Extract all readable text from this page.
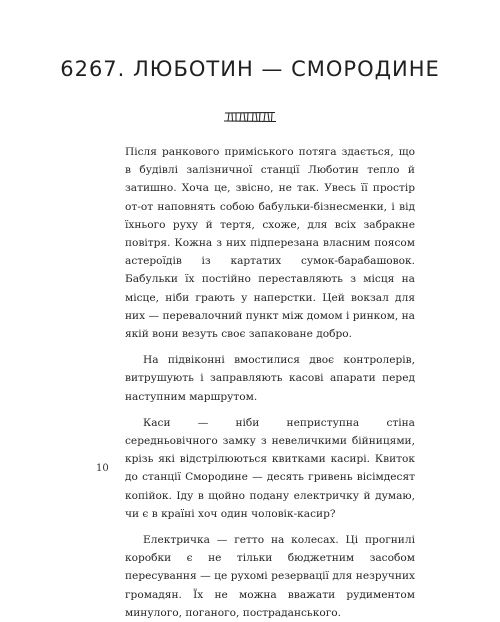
6267. ЛЮБОТИН — СМОРОДИНЕ

Після ранкового приміського потяга здається, що в будівлі залізничної станції Люботин тепло й затишно. Хоча це, звісно, не так. Увесь її простір от-от наповнять собою бабульки-бізнесменки, і від їхнього руху й тертя, схоже, для всіх забракне повітря. Кожна з них підперезана власним поясом астероїдів із картатих сумок-барабашовок. Бабульки їх постійно переставляють з місця на місце, ніби грають у наперстки. Цей вокзал для них — перевалочний пункт між домом і ринком, на якій вони везуть своє запакованe добро.

На підвіконні вмостилися двоє контролерів, витрушують і заправляють касові апарати перед наступним маршрутом.

Каси — ніби неприступна стіна середньовічного замку з невеличкими бійницями, крізь які відстрілюються квитками касирі. Квиток до станції Смородине — десять гривень вісімдесят копійок. Іду в щойно подану електричку й думаю, чи є в країні хоч один чоловік-касир?

Електричка — гетто на колесах. Ці прогнилі коробки є не тільки бюджетним засобом пересування — це рухомі резервації для незручних громадян. Їх не можна вважати рудиментом минулого, поганого, постраданського.

10
